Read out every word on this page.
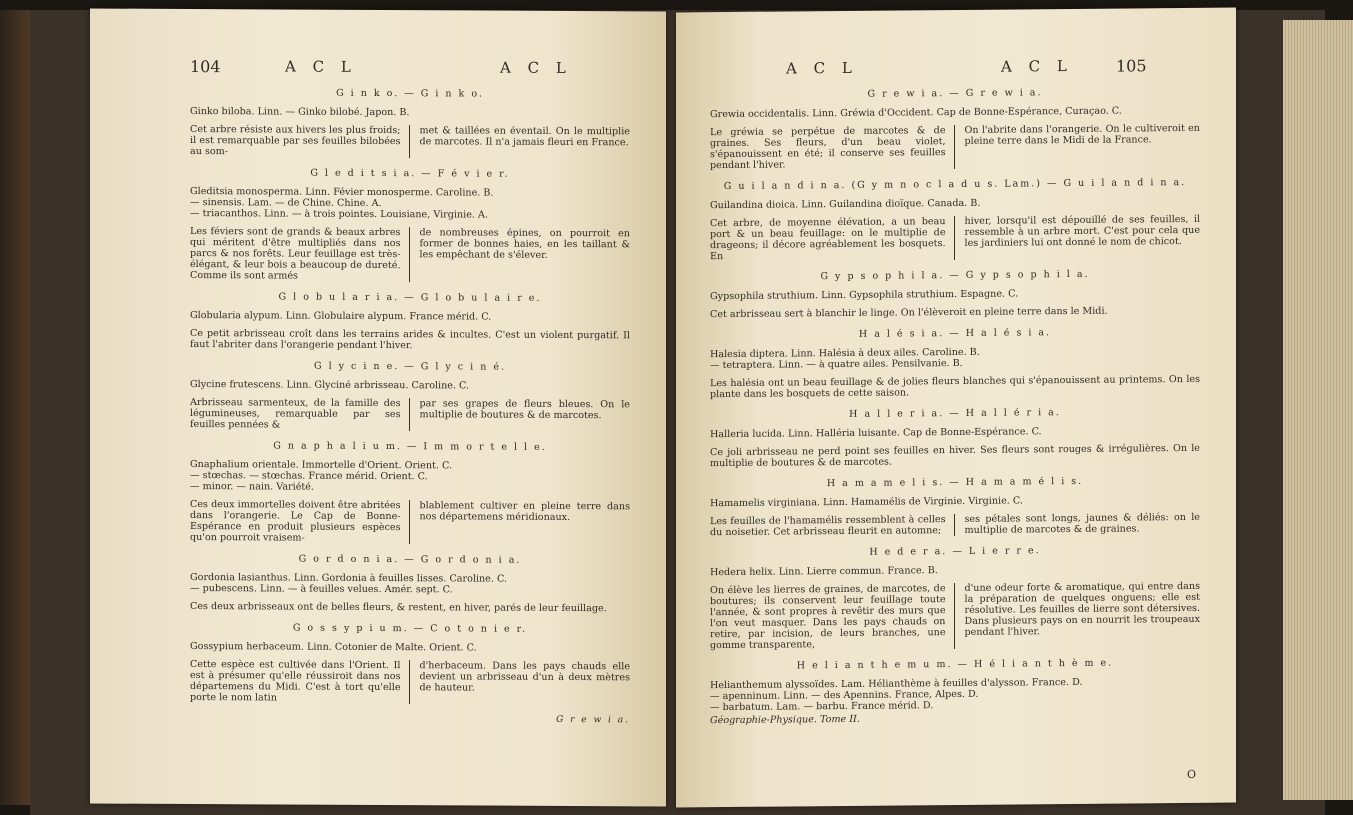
104	A C L	A C L
G i n k o. — G i n k o.

Ginko biloba. Linn. — Ginko bilobé. Japon. B.

Cet arbre résiste aux hivers les plus froids; il est remarquable par ses feuilles bilobées au som-

met & taillées en éventail. On le multiplie de marcotes. Il n'a jamais fleuri en France.

G l e d i t s i a. — F é v i e r.

Gleditsia monosperma. Linn. Févier monosperme. Caroline. B.

— sinensis. Lam. — de Chine. Chine. A.

— triacanthos. Linn. — à trois pointes. Louisiane, Virginie. A.

Les féviers sont de grands & beaux arbres qui méritent d'être multipliés dans nos parcs & nos forêts. Leur feuillage est très-élégant, & leur bois a beaucoup de dureté. Comme ils sont armés

de nombreuses épines, on pourroit en former de bonnes haies, en les taillant & les empêchant de s'élever.

G l o b u l a r i a. — G l o b u l a i r e.

Globularia alypum. Linn. Globulaire alypum. France mérid. C.

Ce petit arbrisseau croît dans les terrains arides & incultes. C'est un violent purgatif. Il faut l'abriter dans l'orangerie pendant l'hiver.

G l y c i n e. — G l y c i n é.

Glycine frutescens. Linn. Glyciné arbrisseau. Caroline. C.

Arbrisseau sarmenteux, de la famille des légumineuses, remarquable par ses feuilles pennées &

par ses grapes de fleurs bleues. On le multiplie de boutures & de marcotes.

G n a p h a l i u m. — I m m o r t e l l e.

Gnaphalium orientale. Immortelle d'Orient. Orient. C.

— stœchas. — stœchas. France mérid. Orient. C.

— minor. — nain. Variété.

Ces deux immortelles doivent être abritées dans l'orangerie. Le Cap de Bonne-Espérance en produit plusieurs espèces qu'on pourroit vraisem-

blablement cultiver en pleine terre dans nos départemens méridionaux.

G o r d o n i a. — G o r d o n i a.

Gordonia lasianthus. Linn. Gordonia à feuilles lisses. Caroline. C.

— pubescens. Linn. — à feuilles velues. Amér. sept. C.

Ces deux arbrisseaux ont de belles fleurs, & restent, en hiver, parés de leur feuillage.

G o s s y p i u m. — C o t o n i e r.

Gossypium herbaceum. Linn. Cotonier de Malte. Orient. C.

Cette espèce est cultivée dans l'Orient. Il est à présumer qu'elle réussiroit dans nos départemens du Midi. C'est à tort qu'elle porte le nom latin

d'herbaceum. Dans les pays chauds elle devient un arbrisseau d'un à deux mètres de hauteur.

G r e w i a.
A C L	A C L	105
G r e w i a. — G r e w i a.

Grewia occidentalis. Linn. Gréwia d'Occident. Cap de Bonne-Espérance, Curaçao. C.

Le gréwia se perpétue de marcotes & de graines. Ses fleurs, d'un beau violet, s'épanouissent en été; il conserve ses feuilles pendant l'hiver.

On l'abrite dans l'orangerie. On le cultiveroit en pleine terre dans le Midi de la France.

G u i l a n d i n a. (G y m n o c l a d u s. Lam.) — G u i l a n d i n a.

Guilandina dioica. Linn. Guilandina dioïque. Canada. B.

Cet arbre, de moyenne élévation, a un beau port & un beau feuillage: on le multiplie de drageons; il décore agréablement les bosquets. En

hiver, lorsqu'il est dépouillé de ses feuilles, il ressemble à un arbre mort. C'est pour cela que les jardiniers lui ont donné le nom de chicot.

G y p s o p h i l a. — G y p s o p h i l a.

Gypsophila struthium. Linn. Gypsophila struthium. Espagne. C.

Cet arbrisseau sert à blanchir le linge. On l'élèveroit en pleine terre dans le Midi.

H a l é s i a. — H a l é s i a.

Halesia diptera. Linn. Halésia à deux ailes. Caroline. B.

— tetraptera. Linn. — à quatre ailes. Pensilvanie. B.

Les halésia ont un beau feuillage & de jolies fleurs blanches qui s'épanouissent au printems. On les plante dans les bosquets de cette saison.

H a l l e r i a. — H a l l é r i a.

Halleria lucida. Linn. Halléria luisante. Cap de Bonne-Espérance. C.

Ce joli arbrisseau ne perd point ses feuilles en hiver. Ses fleurs sont rouges & irrégulières. On le multiplie de boutures & de marcotes.

H a m a m e l i s. — H a m a m é l i s.

Hamamelis virginiana. Linn. Hamamélis de Virginie. Virginie. C.

Les feuilles de l'hamamélis ressemblent à celles du noisetier. Cet arbrisseau fleurit en automne;

ses pétales sont longs, jaunes & déliés: on le multiplie de marcotes & de graines.

H e d e r a. — L i e r r e.

Hedera helix. Linn. Lierre commun. France. B.

On élève les lierres de graines, de marcotes, de boutures; ils conservent leur feuillage toute l'année, & sont propres à revêtir des murs que l'on veut masquer. Dans les pays chauds on retire, par incision, de leurs branches, une gomme transparente,

d'une odeur forte & aromatique, qui entre dans la préparation de quelques onguens; elle est résolutive. Les feuilles de lierre sont détersives. Dans plusieurs pays on en nourrit les troupeaux pendant l'hiver.

H e l i a n t h e m u m. — H é l i a n t h è m e.

Helianthemum alyssoïdes. Lam. Hélianthème à feuilles d'alysson. France. D.

— apenninum. Linn. — des Apennins. France, Alpes. D.

— barbatum. Lam. — barbu. France mérid. D.

Géographie-Physique. Tome II.
O
